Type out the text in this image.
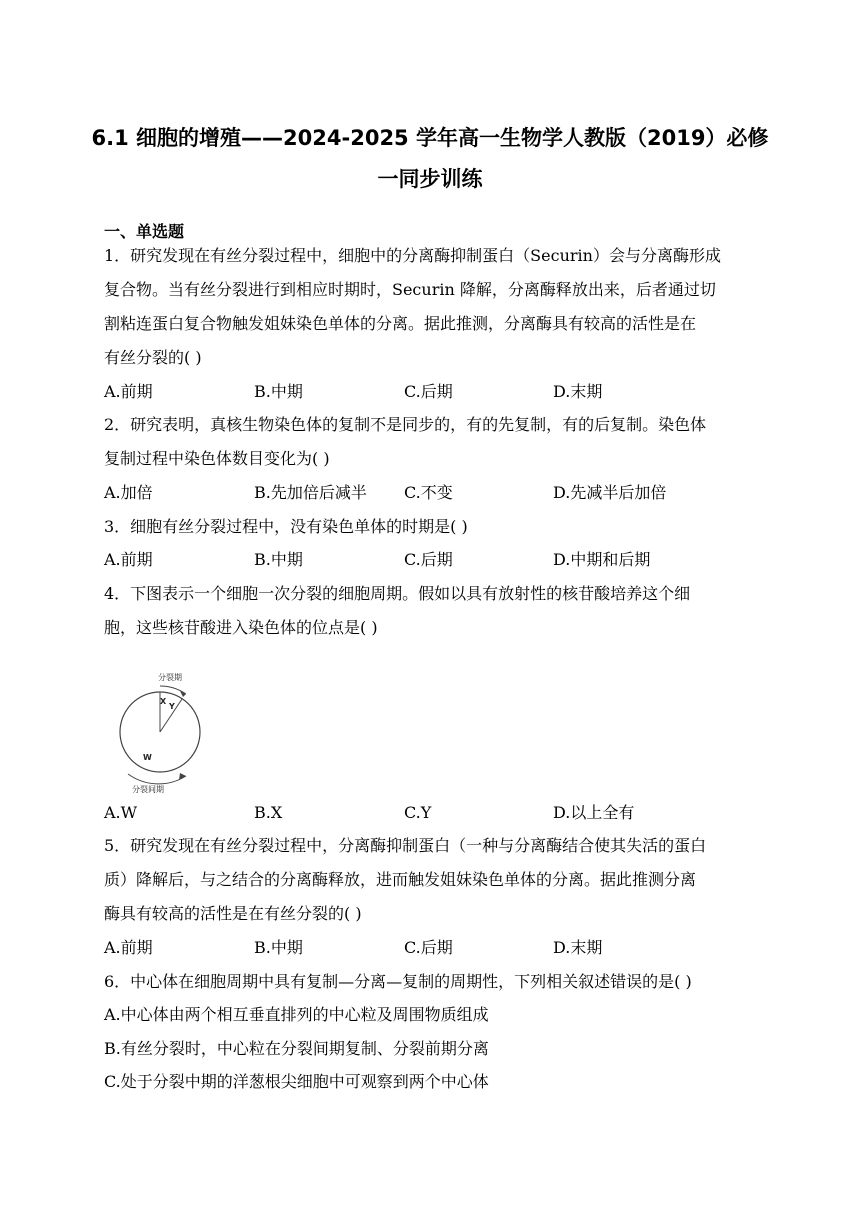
6.1 细胞的增殖——2024-2025 学年高一生物学人教版（2019）必修
一同步训练
一、单选题
1．研究发现在有丝分裂过程中，细胞中的分离酶抑制蛋白（Securin）会与分离酶形成
复合物。当有丝分裂进行到相应时期时，Securin 降解，分离酶释放出来，后者通过切
割粘连蛋白复合物触发姐妹染色单体的分离。据此推测，分离酶具有较高的活性是在
有丝分裂的( )
A.前期	B.中期	C.后期	D.末期
2．研究表明，真核生物染色体的复制不是同步的，有的先复制，有的后复制。染色体
复制过程中染色体数目变化为( )
A.加倍	B.先加倍后减半 C.不变	D.先减半后加倍
3．细胞有丝分裂过程中，没有染色单体的时期是( )
A.前期	B.中期	C.后期	D.中期和后期
4．下图表示一个细胞一次分裂的细胞周期。假如以具有放射性的核苷酸培养这个细
胞，这些核苷酸进入染色体的位点是( )
分裂期
X
Y
W
分裂间期
A.W	B.X	C.Y	D.以上全有
5．研究发现在有丝分裂过程中，分离酶抑制蛋白（一种与分离酶结合使其失活的蛋白
质）降解后，与之结合的分离酶释放，进而触发姐妹染色单体的分离。据此推测分离
酶具有较高的活性是在有丝分裂的( )
A.前期	B.中期	C.后期	D.末期
6．中心体在细胞周期中具有复制—分离—复制的周期性，下列相关叙述错误的是( )
A.中心体由两个相互垂直排列的中心粒及周围物质组成
B.有丝分裂时，中心粒在分裂间期复制、分裂前期分离
C.处于分裂中期的洋葱根尖细胞中可观察到两个中心体
